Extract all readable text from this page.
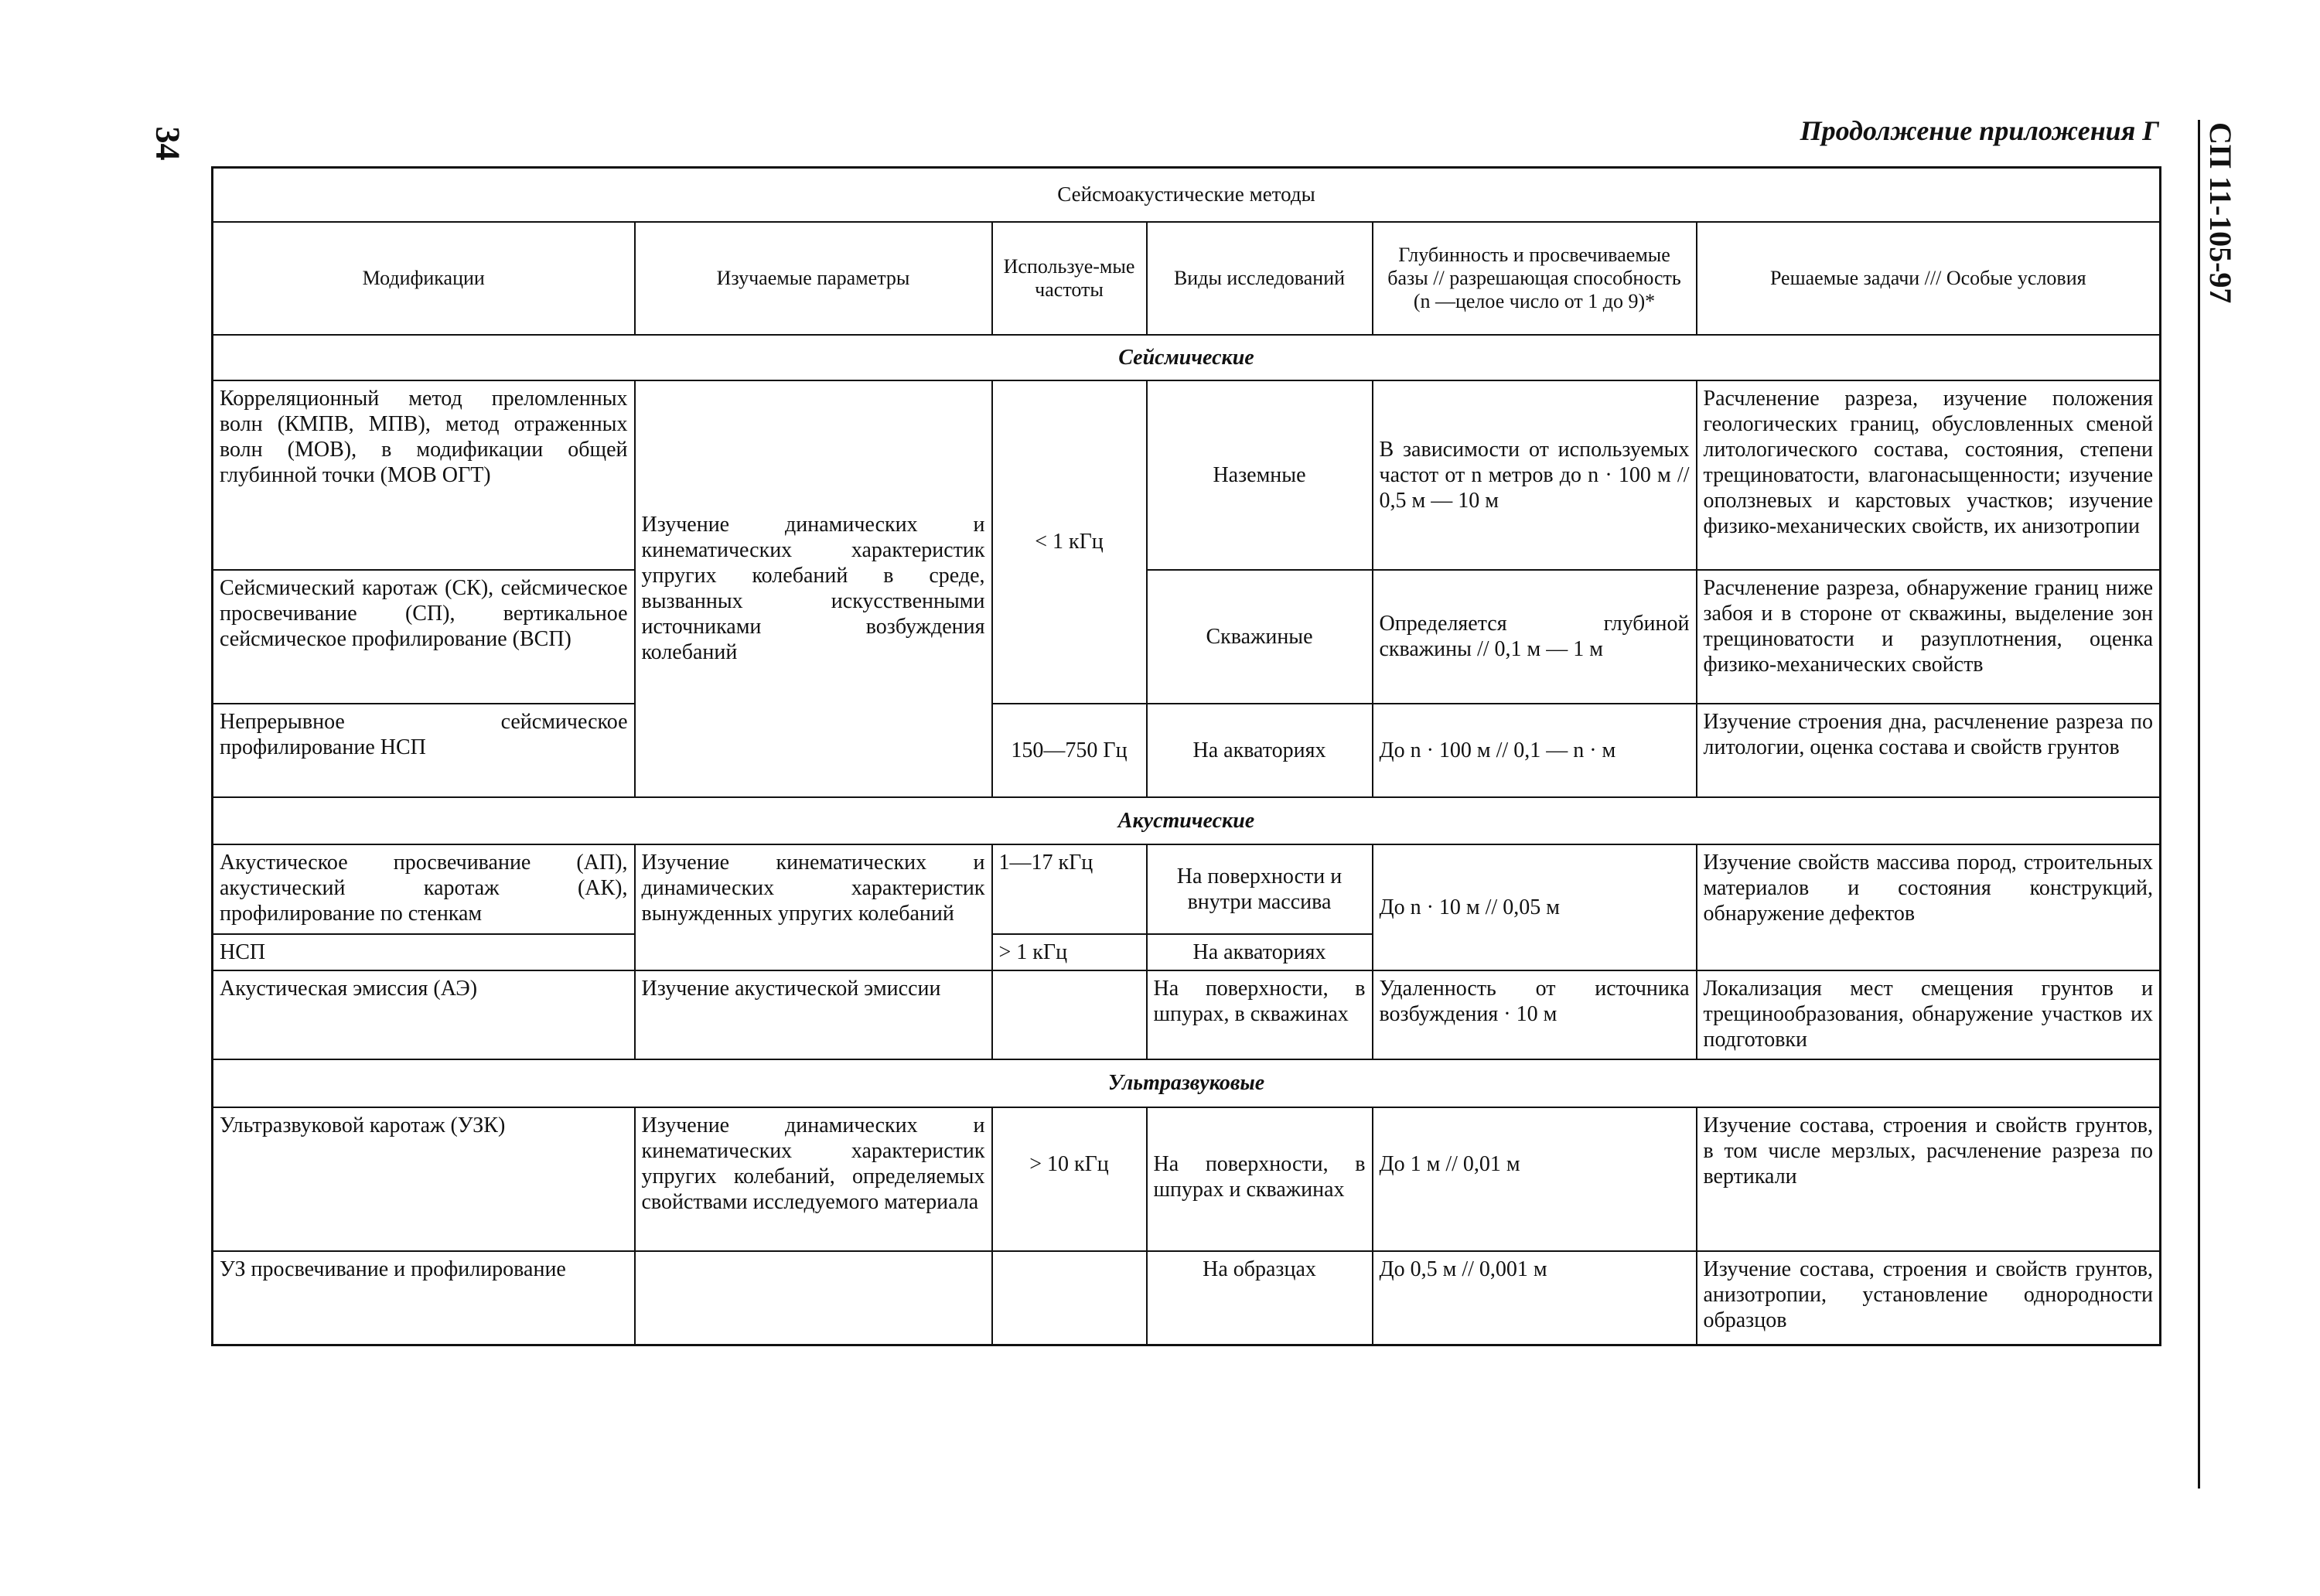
34	Продолжение приложения Г СП 11-105-97
Сейсмоакустические методы					
Модификации	Изучаемые параметры	Используе-мые частоты	Виды исследований	Глубинность и просвечиваемые базы // разрешающая способность (n —целое число от 1 до 9)*	Решаемые задачи /// Особые условия
Сейсмические					
Корреляционный метод преломленных волн (КМПВ, МПВ), метод отраженных волн (МОВ), в модификации общей глубинной точки (МОВ ОГТ)	Изучение динамических и кинематических характеристик упругих колебаний в среде, вызванных искусственными источниками возбуждения колебаний	< 1 кГц	Наземные	В зависимости от используемых частот от n метров до n · 100 м // 0,5 м — 10 м	Расчленение разреза, изучение положения геологических границ, обусловленных сменой литологического состава, состояния, степени трещиноватости, влагонасыщенности; изучение оползневых и карстовых участков; изучение физико-механических свойств, их анизотропии
Сейсмический каротаж (СК), сейсмическое просвечивание (СП), вертикальное сейсмическое профилирование (ВСП)			Скважиные	Определяется глубиной скважины // 0,1 м — 1 м	Расчленение разреза, обнаружение границ ниже забоя и в стороне от скважины, выделение зон трещиноватости и разуплотнения, оценка физико-механических свойств
Непрерывное сейсмическое профилирование НСП		150—750 Гц	На акваториях	До n · 100 м // 0,1 — n · м	Изучение строения дна, расчленение разреза по литологии, оценка состава и свойств грунтов
Акустические					
Акустическое просвечивание (АП), акустический каротаж (АК), профилирование по стенкам	Изучение кинематических и динамических характеристик вынужденных упругих колебаний	1—17 кГц	На поверхности и внутри массива	До n · 10 м // 0,05 м	Изучение свойств массива пород, строительных материалов и состояния конструкций, обнаружение дефектов
НСП		> 1 кГц	На акваториях		
Акустическая эмиссия (АЭ)	Изучение акустической эмиссии		На поверхности, в шпурах, в скважинах	Удаленность от источника возбуждения · 10 м	Локализация мест смещения грунтов и трещинообразования, обнаружение участков их подготовки
Ультразвуковые					
Ультразвуковой каротаж (УЗК)	Изучение динамических и кинематических характеристик упругих колебаний, определяемых свойствами исследуемого материала	> 10 кГц	На поверхности, в шпурах и скважинах	До 1 м // 0,01 м	Изучение состава, строения и свойств грунтов, в том числе мерзлых, расчленение разреза по вертикали
УЗ просвечивание и профилирование			На образцах	До 0,5 м // 0,001 м	Изучение состава, строения и свойств грунтов, анизотропии, установление однородности образцов
